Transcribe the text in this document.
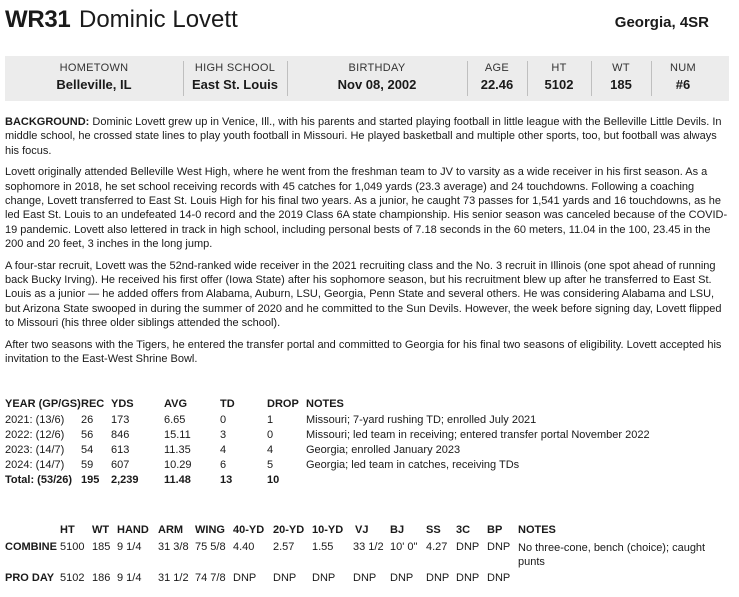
WR31 Dominic Lovett	Georgia, 4SR
HOMETOWN
Belleville, IL
HIGH SCHOOL
East St. Louis
BIRTHDAY
Nov 08, 2002
AGE
22.46
HT
5102
WT
185
NUM
#6

BACKGROUND: Dominic Lovett grew up in Venice, Ill., with his parents and started playing football in little league with the Belleville Little Devils. In middle school, he crossed state lines to play youth football in Missouri. He played basketball and multiple other sports, too, but football was always his focus.

Lovett originally attended Belleville West High, where he went from the freshman team to JV to varsity as a wide receiver in his first season. As a sophomore in 2018, he set school receiving records with 45 catches for 1,049 yards (23.3 average) and 24 touchdowns. Following a coaching change, Lovett transferred to East St. Louis High for his final two years. As a junior, he caught 73 passes for 1,541 yards and 16 touchdowns, as he led East St. Louis to an undefeated 14-0 record and the 2019 Class 6A state championship. His senior season was canceled because of the COVID-19 pandemic. Lovett also lettered in track in high school, including personal bests of 7.18 seconds in the 60 meters, 11.04 in the 100, 23.45 in the 200 and 20 feet, 3 inches in the long jump.

A four-star recruit, Lovett was the 52nd-ranked wide receiver in the 2021 recruiting class and the No. 3 recruit in Illinois (one spot ahead of running back Bucky Irving). He received his first offer (Iowa State) after his sophomore season, but his recruitment blew up after he transferred to East St. Louis as a junior — he added offers from Alabama, Auburn, LSU, Georgia, Penn State and several others. He was considering Alabama and LSU, but Arizona State swooped in during the summer of 2020 and he committed to the Sun Devils. However, the week before signing day, Lovett flipped to Missouri (his three older siblings attended the school).

After two seasons with the Tigers, he entered the transfer portal and committed to Georgia for his final two seasons of eligibility. Lovett accepted his invitation to the East-West Shrine Bowl.

YEAR (GP/GS) REC YDS	AVG	TD	DROP NOTES
2021: (13/6) 26 173	6.65	0	1	Missouri; 7-yard rushing TD; enrolled July 2021
2022: (12/6) 56 846	15.11	3	0	Missouri; led team in receiving; entered transfer portal November 2022
2023: (14/7) 54 613	11.35	4	4	Georgia; enrolled January 2023
2024: (14/7) 59 607	10.29	6	5	Georgia; led team in catches, receiving TDs
Total: (53/26) 195 2,239 11.48	13	10
HT WT HAND ARM WING 40-YD 20-YD 10-YD VJ BJ SS 3C BP NOTES
COMBINE 5100 185 9 1/4 31 3/8 75 5/8 4.40 2.57 1.55 33 1/2 10' 0" 4.27 DNP DNP No three-cone, bench (choice); caught punts
PRO DAY 5102 186 9 1/4 31 1/2 74 7/8 DNP DNP DNP DNP DNP DNP DNP DNP
